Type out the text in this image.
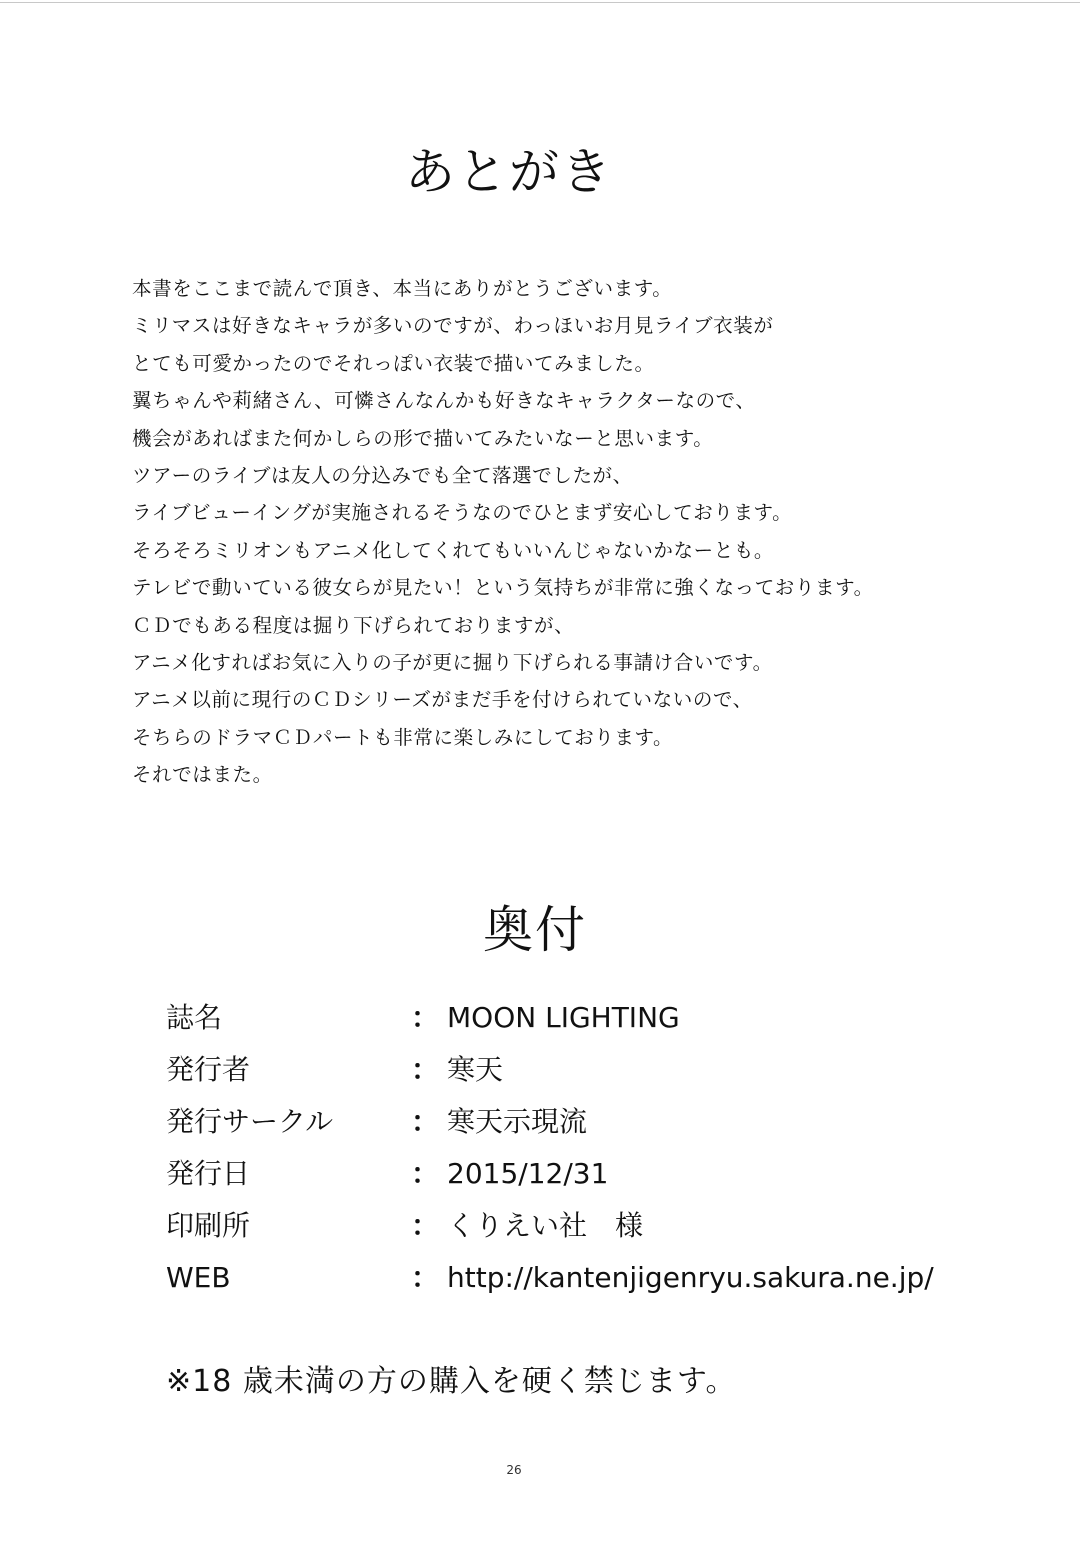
あとがき
本書をここまで読んで頂き、本当にありがとうございます。
ミリマスは好きなキャラが多いのですが、わっほいお月見ライブ衣装が
とても可愛かったのでそれっぽい衣装で描いてみました。
翼ちゃんや莉緒さん、可憐さんなんかも好きなキャラクターなので、
機会があればまた何かしらの形で描いてみたいなーと思います。
ツアーのライブは友人の分込みでも全て落選でしたが、
ライブビューイングが実施されるそうなのでひとまず安心しております。
そろそろミリオンもアニメ化してくれてもいいんじゃないかなーとも。
テレビで動いている彼女らが見たい！という気持ちが非常に強くなっております。
ＣＤでもある程度は掘り下げられておりますが、
アニメ化すればお気に入りの子が更に掘り下げられる事請け合いです。
アニメ以前に現行のＣＤシリーズがまだ手を付けられていないので、
そちらのドラマＣＤパートも非常に楽しみにしております。
それではまた。
奥付
誌名	： MOON LIGHTING
発行者	： 寒天
発行サークル	： 寒天示現流
発行日	： 2015/12/31
印刷所	： くりえい社　様
WEB	： http://kantenjigenryu.sakura.ne.jp/
※18 歳未満の方の購入を硬く禁じます。
26
